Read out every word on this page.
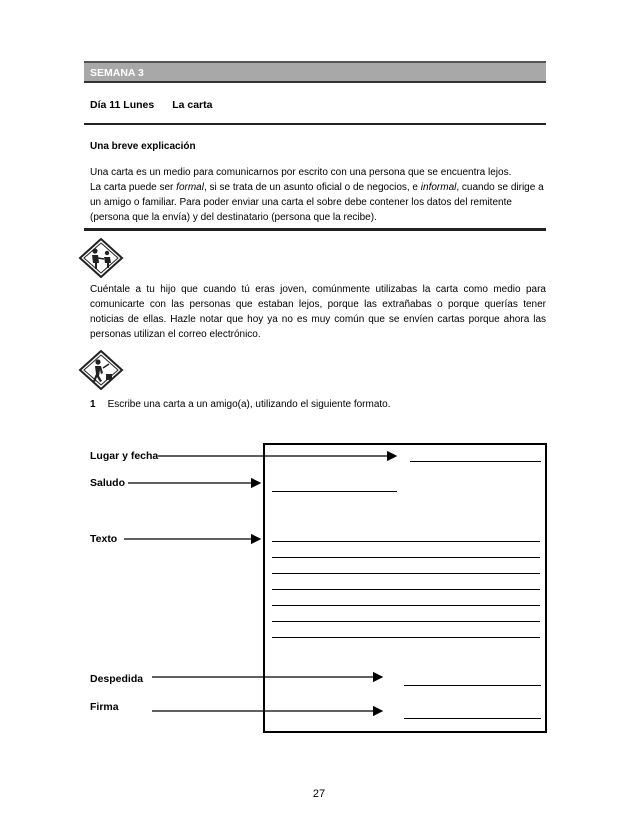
SEMANA 3
Día 11 Lunes La carta
Una breve explicación
Una carta es un medio para comunicarnos por escrito con una persona que se encuentra lejos.
La carta puede ser formal, si se trata de un asunto oficial o de negocios, e informal, cuando se dirige a un amigo o familiar. Para poder enviar una carta el sobre debe contener los datos del remitente (persona que la envía) y del destinatario (persona que la recibe).
Cuéntale a tu hijo que cuando tú eras joven, comúnmente utilizabas la carta como medio para comunicarte con las personas que estaban lejos, porque las extrañabas o porque querías tener noticias de ellas. Hazle notar que hoy ya no es muy común que se envíen cartas porque ahora las personas utilizan el correo electrónico.
1 Escribe una carta a un amigo(a), utilizando el siguiente formato.
Lugar y fecha
Saludo
Texto
Despedida
Firma
27
